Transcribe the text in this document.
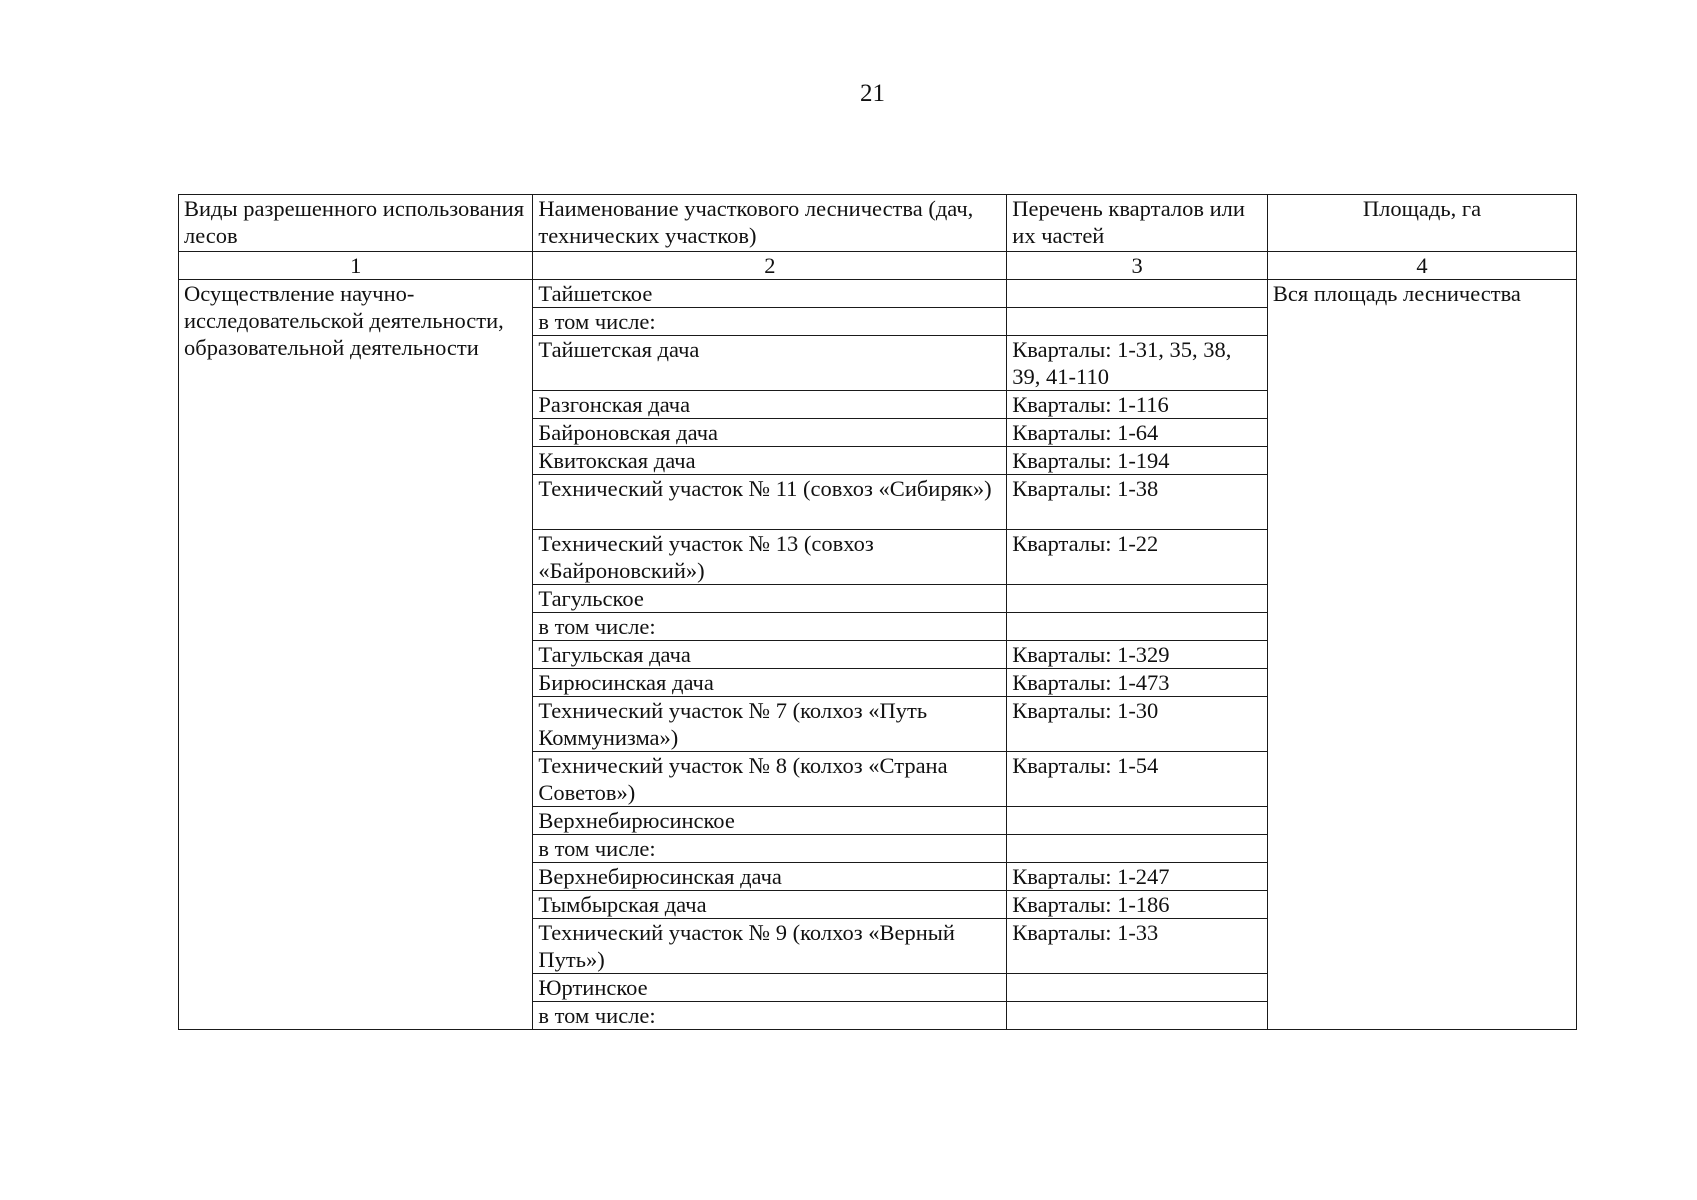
21
Виды разрешенного использования лесов	Наименование участкового лесничества (дач, технических участков)	Перечень кварталов или их частей	Площадь, га
1	2	3	4
Осуществление научно-исследовательской деятельности, образовательной деятельности	Тайшетское		Вся площадь лесничества
	в том числе:		
	Тайшетская дача	Кварталы: 1-31, 35, 38, 39, 41-110	
	Разгонская дача	Кварталы: 1-116	
	Байроновская дача	Кварталы: 1-64	
	Квитокская дача	Кварталы: 1-194	
	Технический участок № 11 (совхоз «Сибиряк»)	Кварталы: 1-38	
	Технический участок № 13 (совхоз «Байроновский»)	Кварталы: 1-22	
	Тагульское		
	в том числе:		
	Тагульская дача	Кварталы: 1-329	
	Бирюсинская дача	Кварталы: 1-473	
	Технический участок № 7 (колхоз «Путь Коммунизма»)	Кварталы: 1-30	
	Технический участок № 8 (колхоз «Страна Советов»)	Кварталы: 1-54	
	Верхнебирюсинское		
	в том числе:		
	Верхнебирюсинская дача	Кварталы: 1-247	
	Тымбырская дача	Кварталы: 1-186	
	Технический участок № 9 (колхоз «Верный Путь»)	Кварталы: 1-33	
	Юртинское		
	в том числе:		
